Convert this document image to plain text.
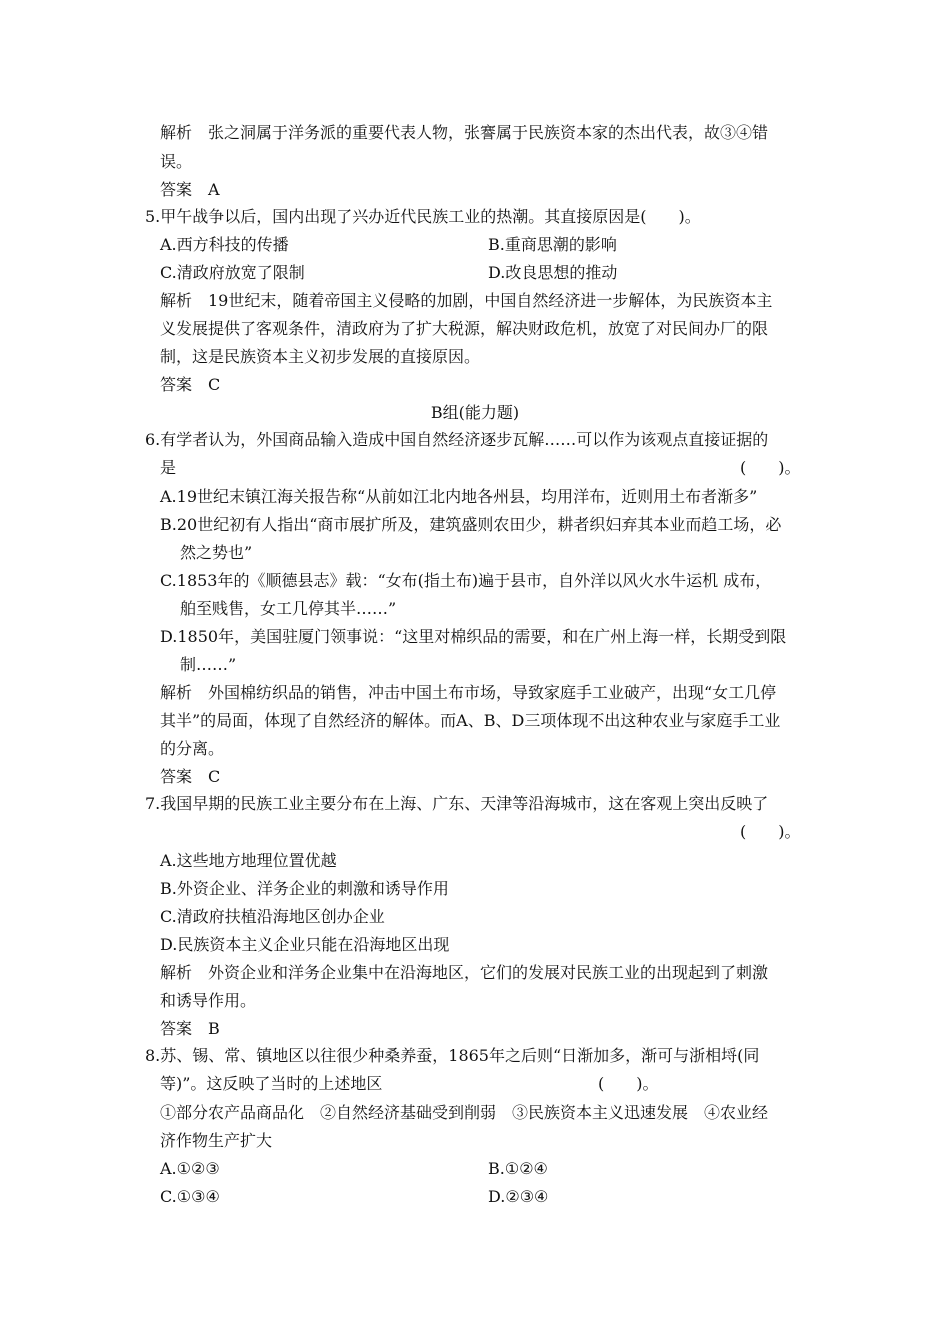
解析　张之洞属于洋务派的重要代表人物，张謇属于民族资本家的杰出代表，故③④错
误。
答案　A
5.甲午战争以后，国内出现了兴办近代民族工业的热潮。其直接原因是(　　)。
A.西方科技的传播	B.重商思潮的影响
C.清政府放宽了限制	D.改良思想的推动
解析　19世纪末，随着帝国主义侵略的加剧，中国自然经济进一步解体，为民族资本主
义发展提供了客观条件，清政府为了扩大税源，解决财政危机，放宽了对民间办厂的限
制，这是民族资本主义初步发展的直接原因。
答案　C
B组(能力题)
6.有学者认为，外国商品输入造成中国自然经济逐步瓦解……可以作为该观点直接证据的
是	(　　)。
A.19世纪末镇江海关报告称“从前如江北内地各州县，均用洋布，近则用土布者渐多”
B.20世纪初有人指出“商市展扩所及，建筑盛则农田少，耕者织妇弃其本业而趋工场，必
然之势也”
C.1853年的《顺德县志》载：“女布(指土布)遍于县市，自外洋以风火水牛运机 成布，
舶至贱售，女工几停其半……”
D.1850年，美国驻厦门领事说：“这里对棉织品的需要，和在广州上海一样，长期受到限
制……”
解析　外国棉纺织品的销售，冲击中国土布市场，导致家庭手工业破产，出现“女工几停
其半”的局面，体现了自然经济的解体。而A、B、D三项体现不出这种农业与家庭手工业
的分离。
答案　C
7.我国早期的民族工业主要分布在上海、广东、天津等沿海城市，这在客观上突出反映了
(　　)。
A.这些地方地理位置优越
B.外资企业、洋务企业的刺激和诱导作用
C.清政府扶植沿海地区创办企业
D.民族资本主义企业只能在沿海地区出现
解析　外资企业和洋务企业集中在沿海地区，它们的发展对民族工业的出现起到了刺激
和诱导作用。
答案　B
8.苏、锡、常、镇地区以往很少种桑养蚕，1865年之后则“日渐加多，渐可与浙相埒(同
等)”。这反映了当时的上述地区	(　　)。
①部分农产品商品化　②自然经济基础受到削弱　③民族资本主义迅速发展　④农业经
济作物生产扩大
A.①②③	B.①②④
C.①③④	D.②③④
